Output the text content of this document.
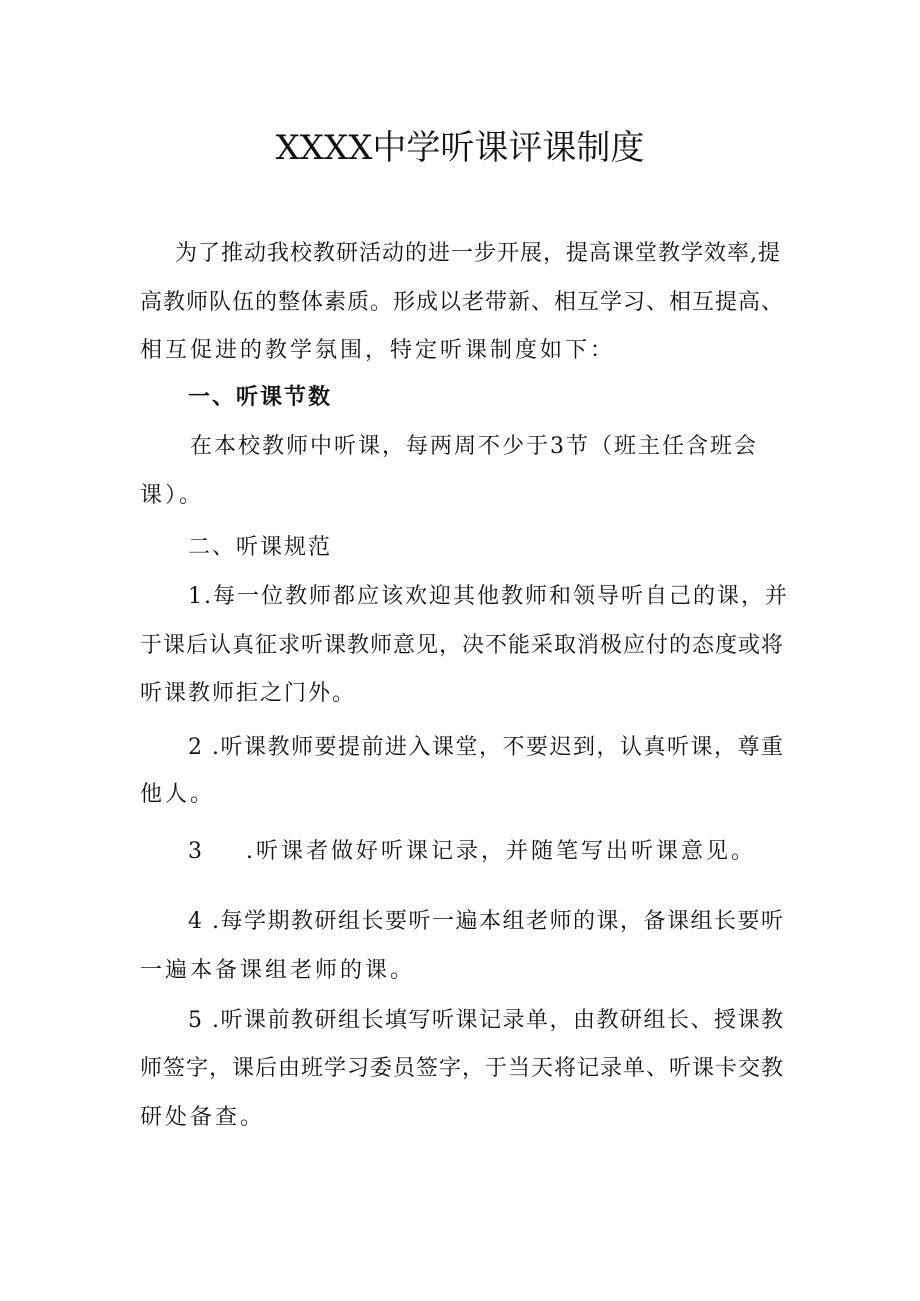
XXXX中学听课评课制度
为了推动我校教研活动的进一步开展，提高课堂教学效率,提
高教师队伍的整体素质。形成以老带新、相互学习、相互提高、
相互促进的教学氛围，特定听课制度如下：
一、听课节数
在本校教师中听课，每两周不少于3节（班主任含班会
课）。
二、听课规范
1.每一位教师都应该欢迎其他教师和领导听自己的课，并
于课后认真征求听课教师意见，决不能采取消极应付的态度或将
听课教师拒之门外。
2 .听课教师要提前进入课堂，不要迟到，认真听课，尊重
他人。
3 .听课者做好听课记录，并随笔写出听课意见。
4 .每学期教研组长要听一遍本组老师的课，备课组长要听
一遍本备课组老师的课。
5 .听课前教研组长填写听课记录单，由教研组长、授课教
师签字，课后由班学习委员签字，于当天将记录单、听课卡交教
研处备查。
